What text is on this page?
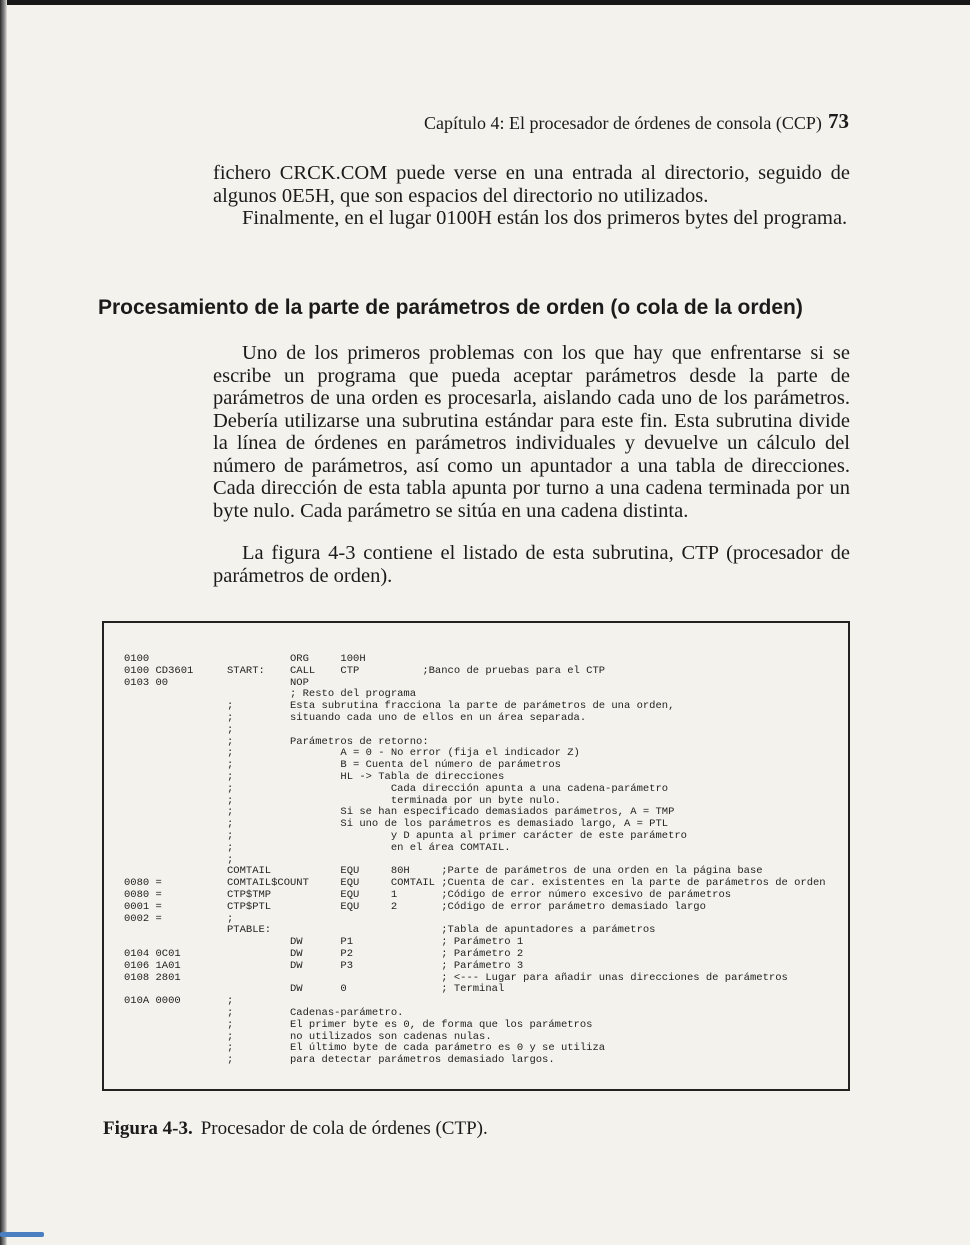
Capítulo 4: El procesador de órdenes de consola (CCP) 73

fichero CRCK.COM puede verse en una entrada al directorio, seguido de algunos 0E5H, que son espacios del directorio no utilizados.

Finalmente, en el lugar 0100H están los dos primeros bytes del programa.

Procesamiento de la parte de parámetros de orden (o cola de la orden)

Uno de los primeros problemas con los que hay que enfrentarse si se escribe un programa que pueda aceptar parámetros desde la parte de parámetros de una orden es procesarla, aislando cada uno de los parámetros. Debería utilizarse una subrutina estándar para este fin. Esta subrutina divide la línea de órdenes en parámetros individuales y devuelve un cálculo del número de parámetros, así como un apuntador a una tabla de direcciones. Cada dirección de esta tabla apunta por turno a una cadena terminada por un byte nulo. Cada parámetro se sitúa en una cadena distinta.

La figura 4-3 contiene el listado de esta subrutina, CTP (procesador de parámetros de orden).

0100
0100 CD3601
0103 00
0080 =
0080 =
0001 =
0002 =
0104 0C01
0106 1A01
0108 2801
010A 0000
ORG     100H
START:    CALL    CTP          ;Banco de pruebas para el CTP
NOP
; Resto del programa
;         Esta subrutina fracciona la parte de parámetros de una orden,
;         situando cada uno de ellos en un área separada.
;
;         Parámetros de retorno:
;                 A = 0 - No error (fija el indicador Z)
;                 B = Cuenta del número de parámetros
;                 HL -> Tabla de direcciones
;                         Cada dirección apunta a una cadena-parámetro
;                         terminada por un byte nulo.
;                 Si se han especificado demasiados parámetros, A = TMP
;                 Si uno de los parámetros es demasiado largo, A = PTL
;                         y D apunta al primer carácter de este parámetro
;                         en el área COMTAIL.
;
COMTAIL           EQU     80H     ;Parte de parámetros de una orden en la página base
COMTAIL$COUNT     EQU     COMTAIL ;Cuenta de car. existentes en la parte de parámetros de orden
CTP$TMP           EQU     1       ;Código de error número excesivo de parámetros
CTP$PTL           EQU     2       ;Código de error parámetro demasiado largo
;
PTABLE:                           ;Tabla de apuntadores a parámetros
DW      P1              ; Parámetro 1
DW      P2              ; Parámetro 2
DW      P3              ; Parámetro 3
; <--- Lugar para añadir unas direcciones de parámetros
DW      0               ; Terminal
;
;         Cadenas-parámetro.
;         El primer byte es 0, de forma que los parámetros
;         no utilizados son cadenas nulas.
;         El último byte de cada parámetro es 0 y se utiliza
;         para detectar parámetros demasiado largos.
Figura 4-3. Procesador de cola de órdenes (CTP).
